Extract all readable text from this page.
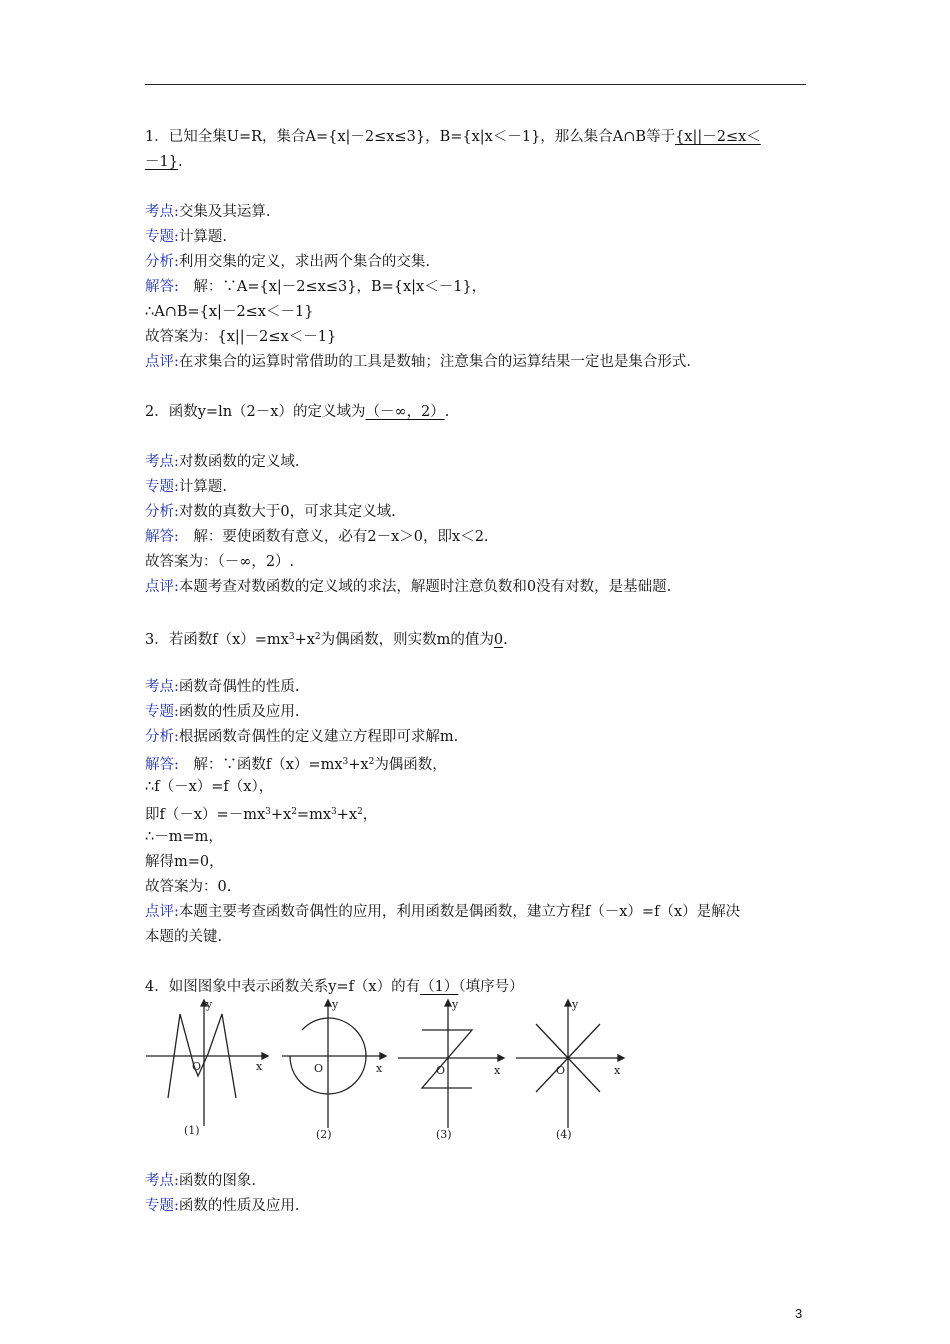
1．已知全集U=R，集合A={x|－2≤x≤3}，B={x|x＜－1}，那么集合A∩B等于{x||－2≤x＜
－1}.
考点:交集及其运算.
专题:计算题.
分析:利用交集的定义，求出两个集合的交集.
解答:　解：∵A={x|－2≤x≤3}，B={x|x＜－1}，
∴A∩B={x|－2≤x＜－1}
故答案为：{x||－2≤x＜－1}
点评:在求集合的运算时常借助的工具是数轴；注意集合的运算结果一定也是集合形式.
2．函数y=ln（2－x）的定义域为（－∞，2）.
考点:对数函数的定义域.
专题:计算题.
分析:对数的真数大于0，可求其定义域.
解答:　解：要使函数有意义，必有2－x＞0，即x＜2.
故答案为：（－∞，2）.
点评:本题考查对数函数的定义域的求法，解题时注意负数和0没有对数，是基础题.
3．若函数$f(x)=mx^3+x^2$为偶函数，则实数m的值为0.
考点:函数奇偶性的性质.
专题:函数的性质及应用.
分析:根据函数奇偶性的定义建立方程即可求解m.
解答:　解：∵函数$f(x)=mx^3+x^2$为偶函数，
∴f（－x）=f（x），
即$f(-x)=-mx^3+x^2=mx^3+x^2$，
∴－m=m，
解得m=0，
故答案为：0.
点评:本题主要考查函数奇偶性的应用，利用函数是偶函数，建立方程f（－x）=f（x）是解决
本题的关键.
4．如图图象中表示函数关系y=f（x）的有（1）（填序号）
y
x
O
(1)
y
x
O
(2)
y
x
O
(3)
y
x
O
(4)
考点:函数的图象.
专题:函数的性质及应用.
3
